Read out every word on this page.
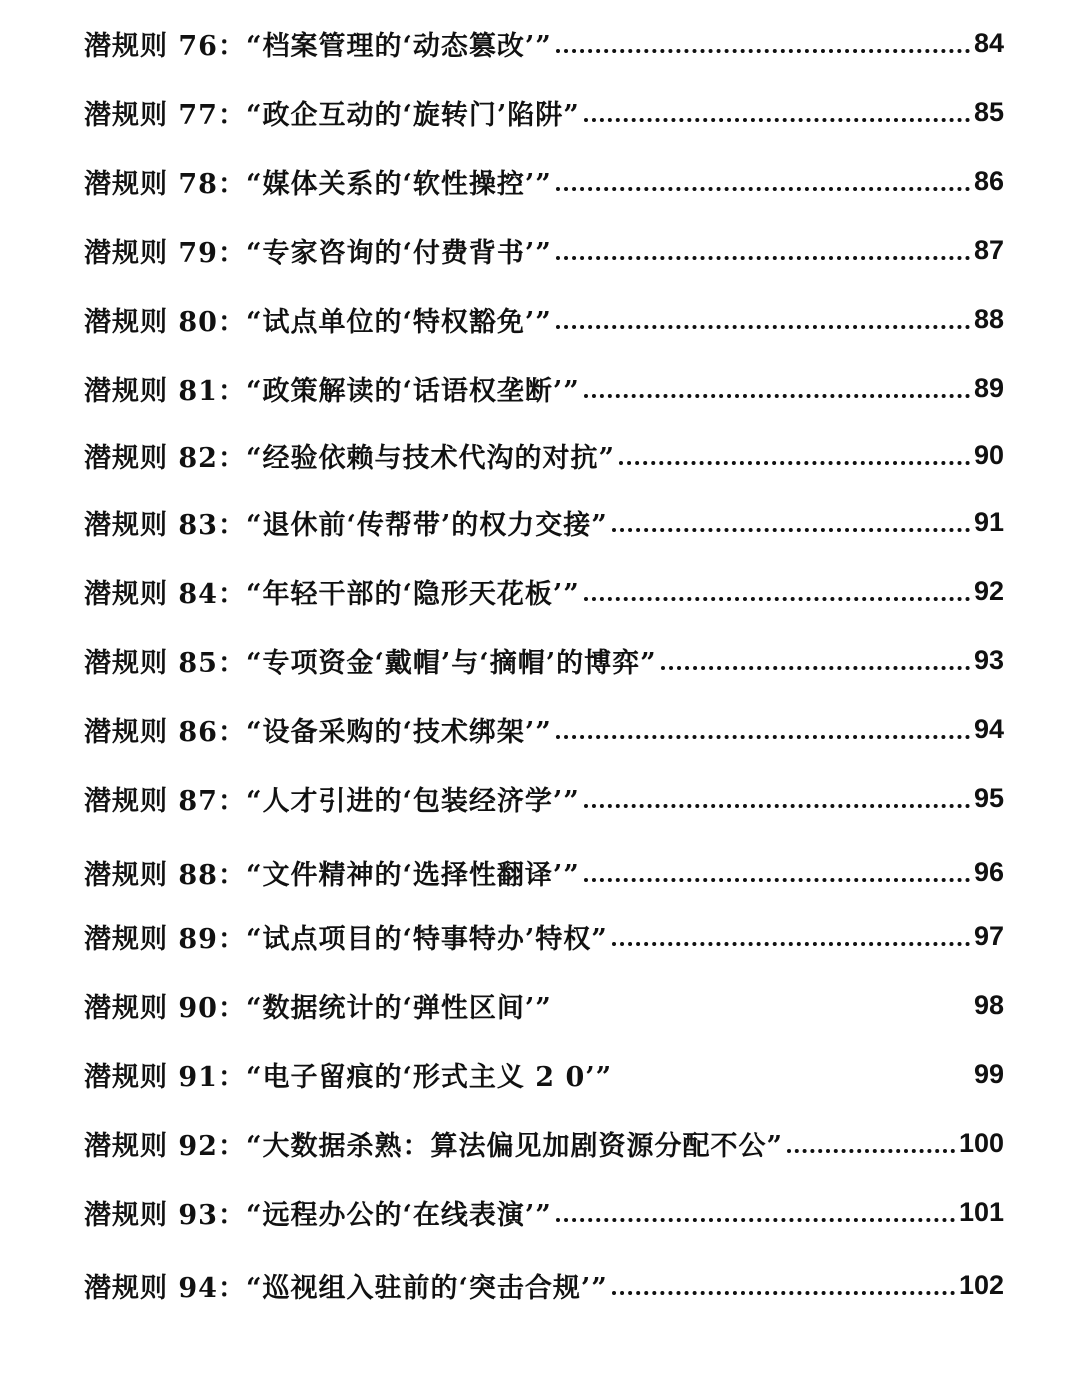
潜规则 76：“档案管理的‘动态篡改’”	84
潜规则 77：“政企互动的‘旋转门’陷阱”	85
潜规则 78：“媒体关系的‘软性操控’”	86
潜规则 79：“专家咨询的‘付费背书’”	87
潜规则 80：“试点单位的‘特权豁免’”	88
潜规则 81：“政策解读的‘话语权垄断’”	89
潜规则 82：“经验依赖与技术代沟的对抗”	90
潜规则 83：“退休前‘传帮带’的权力交接”	91
潜规则 84：“年轻干部的‘隐形天花板’”	92
潜规则 85：“专项资金‘戴帽’与‘摘帽’的博弈”	93
潜规则 86：“设备采购的‘技术绑架’”	94
潜规则 87：“人才引进的‘包装经济学’”	95
潜规则 88：“文件精神的‘选择性翻译’”	96
潜规则 89：“试点项目的‘特事特办’特权”	97
潜规则 90：“数据统计的‘弹性区间’”	98
潜规则 91：“电子留痕的‘形式主义 2 0’”	99
潜规则 92：“大数据杀熟：算法偏见加剧资源分配不公”	100
潜规则 93：“远程办公的‘在线表演’”	101
潜规则 94：“巡视组入驻前的‘突击合规’”	102
